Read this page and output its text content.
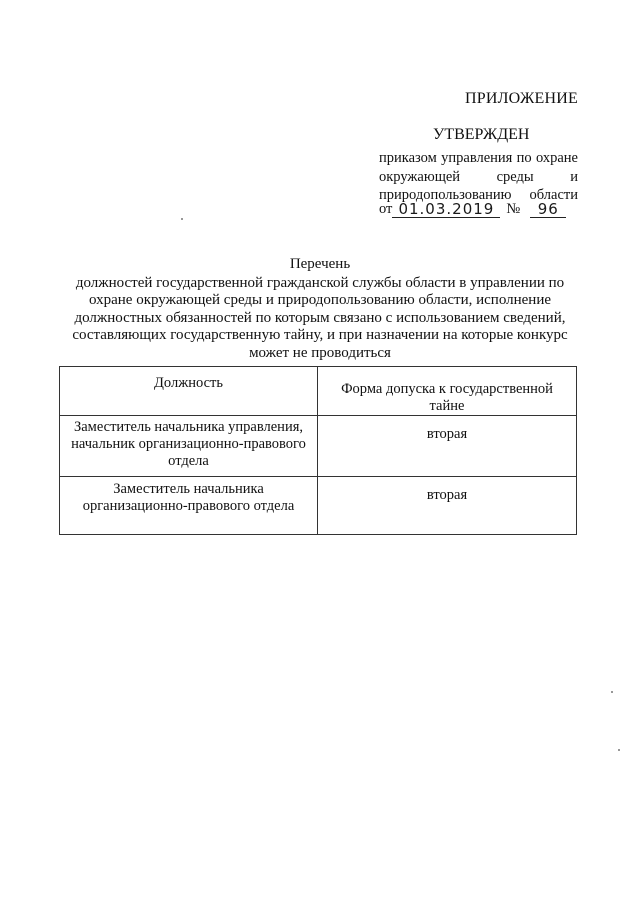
ПРИЛОЖЕНИЕ
УТВЕРЖДЕН
приказом управления по охране окружающей среды и природопользованию области
от 01.03.2019 №	96
Перечень
должностей государственной гражданской службы области в управлении по
охране окружающей среды и природопользованию области, исполнение
должностных обязанностей по которым связано с использованием сведений,
составляющих государственную тайну, и при назначении на которые конкурс
может не проводиться
Должность	Форма допуска к государственной
тайне

Заместитель начальника управления,
начальник организационно-правового
отдела	вторая

Заместитель начальника
организационно-правового отдела	вторая
